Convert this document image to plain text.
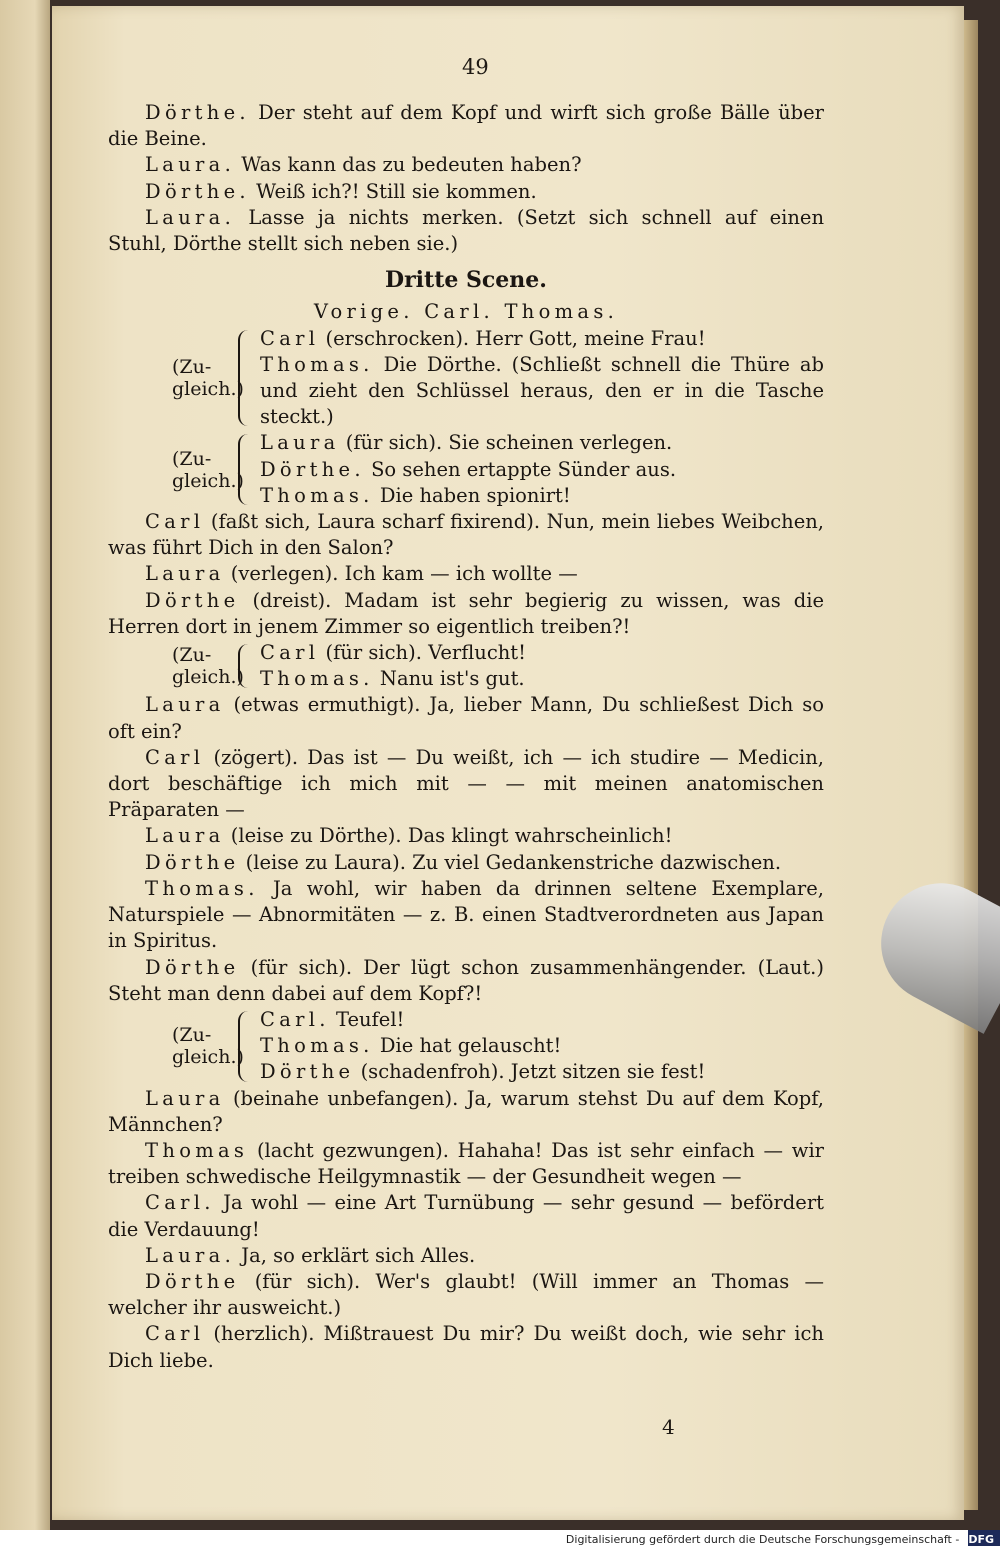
49

Dörthe. Der steht auf dem Kopf und wirft sich große Bälle über die Beine.

Laura. Was kann das zu bedeuten haben?

Dörthe. Weiß ich?! Still sie kommen.

Laura. Lasse ja nichts merken. (Setzt sich schnell auf einen Stuhl, Dörthe stellt sich neben sie.)

Dritte Scene.

Vorige. Carl. Thomas.

(Zu-gleich.)

Carl (erschrocken). Herr Gott, meine Frau!

Thomas. Die Dörthe. (Schließt schnell die Thüre ab und zieht den Schlüssel heraus, den er in die Tasche steckt.)

(Zu-gleich.)

Laura (für sich). Sie scheinen verlegen.

Dörthe. So sehen ertappte Sünder aus.

Thomas. Die haben spionirt!

Carl (faßt sich, Laura scharf fixirend). Nun, mein liebes Weibchen, was führt Dich in den Salon?

Laura (verlegen). Ich kam — ich wollte —

Dörthe (dreist). Madam ist sehr begierig zu wissen, was die Herren dort in jenem Zimmer so eigentlich treiben?!

(Zu-gleich.)

Carl (für sich). Verflucht!

Thomas. Nanu ist's gut.

Laura (etwas ermuthigt). Ja, lieber Mann, Du schließest Dich so oft ein?

Carl (zögert). Das ist — Du weißt, ich — ich studire — Medicin, dort beschäftige ich mich mit — — mit meinen anatomischen Präparaten —

Laura (leise zu Dörthe). Das klingt wahrscheinlich!

Dörthe (leise zu Laura). Zu viel Gedankenstriche dazwischen.

Thomas. Ja wohl, wir haben da drinnen seltene Exemplare, Naturspiele — Abnormitäten — z. B. einen Stadtverordneten aus Japan in Spiritus.

Dörthe (für sich). Der lügt schon zusammenhängender. (Laut.) Steht man denn dabei auf dem Kopf?!

(Zu-gleich.)

Carl. Teufel!

Thomas. Die hat gelauscht!

Dörthe (schadenfroh). Jetzt sitzen sie fest!

Laura (beinahe unbefangen). Ja, warum stehst Du auf dem Kopf, Männchen?

Thomas (lacht gezwungen). Hahaha! Das ist sehr einfach — wir treiben schwedische Heilgymnastik — der Gesundheit wegen —

Carl. Ja wohl — eine Art Turnübung — sehr gesund — befördert die Verdauung!

Laura. Ja, so erklärt sich Alles.

Dörthe (für sich). Wer's glaubt! (Will immer an Thomas — welcher ihr ausweicht.)

Carl (herzlich). Mißtrauest Du mir? Du weißt doch, wie sehr ich Dich liebe.

4
Digitalisierung gefördert durch die Deutsche Forschungsgemeinschaft - DFG
